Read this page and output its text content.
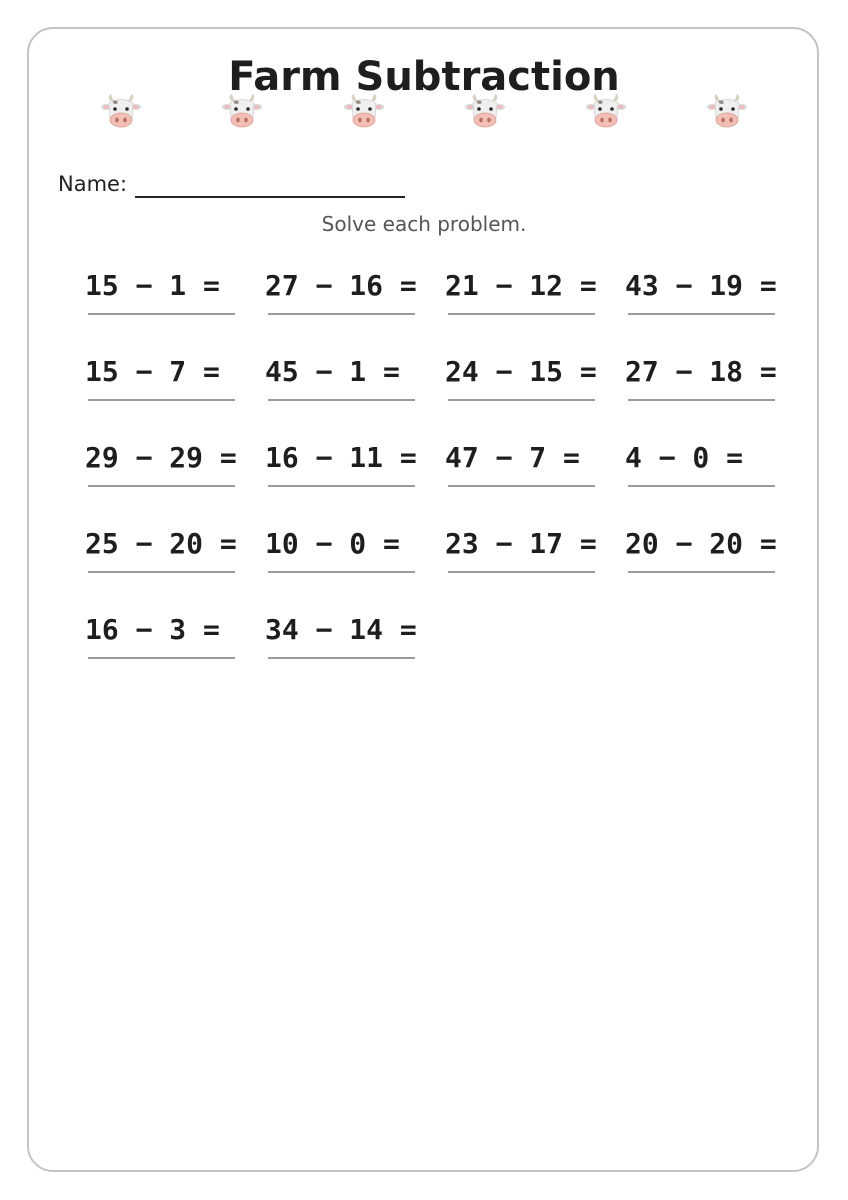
Farm Subtraction
Name:
Solve each problem.
15 − 1 = 27 − 16 = 21 − 12 = 43 − 19 =
15 − 7 = 45 − 1 = 24 − 15 = 27 − 18 =
29 − 29 = 16 − 11 = 47 − 7 = 4 − 0 =
25 − 20 = 10 − 0 = 23 − 17 = 20 − 20 =
16 − 3 = 34 − 14 =
